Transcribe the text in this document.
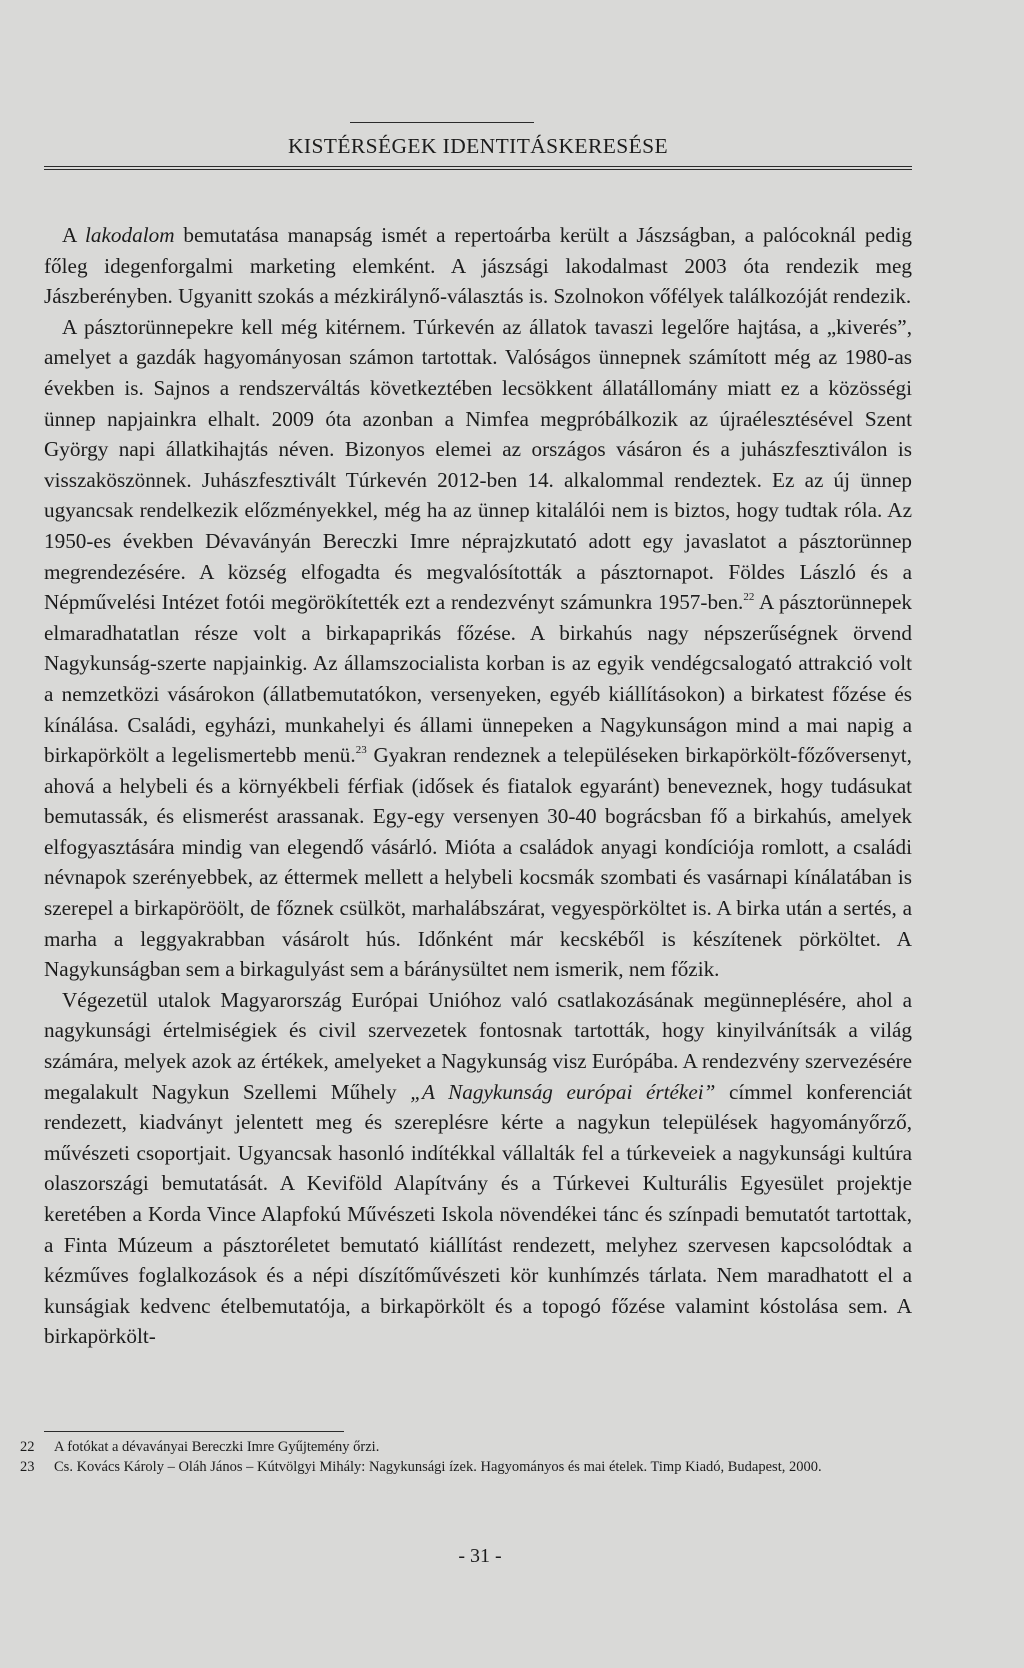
KISTÉRSÉGEK IDENTITÁSKERESÉSE

A lakodalom bemutatása manapság ismét a repertoárba került a Jászságban, a palócoknál pedig főleg idegenforgalmi marketing elemként. A jászsági lakodalmast 2003 óta rendezik meg Jászberényben. Ugyanitt szokás a mézkirálynő-választás is. Szolnokon vőfélyek találkozóját rendezik.

A pásztorünnepekre kell még kitérnem. Túrkevén az állatok tavaszi legelőre hajtása, a „kiverés”, amelyet a gazdák hagyományosan számon tartottak. Valóságos ünnepnek számított még az 1980-as években is. Sajnos a rendszerváltás következtében lecsökkent állatállomány miatt ez a közösségi ünnep napjainkra elhalt. 2009 óta azonban a Nimfea megpróbálkozik az újraélesztésével Szent György napi állatkihajtás néven. Bizonyos elemei az országos vásáron és a juhászfesztiválon is visszaköszönnek. Juhászfesztivált Túrkevén 2012-ben 14. alkalommal rendeztek. Ez az új ünnep ugyancsak rendelkezik előzményekkel, még ha az ünnep kitalálói nem is biztos, hogy tudtak róla. Az 1950-es években Dévaványán Bereczki Imre néprajzkutató adott egy javaslatot a pásztorünnep megrendezésére. A község elfogadta és megvalósították a pásztornapot. Földes László és a Népművelési Intézet fotói megörökítették ezt a rendezvényt számunkra 1957-ben.$^{22}$ A pásztorünnepek elmaradhatatlan része volt a birkapaprikás főzése. A birkahús nagy népszerűségnek örvend Nagykunság-szerte napjainkig. Az államszocialista korban is az egyik vendégcsalogató attrakció volt a nemzetközi vásárokon (állatbemutatókon, versenyeken, egyéb kiállításokon) a birkatest főzése és kínálása. Családi, egyházi, munkahelyi és állami ünnepeken a Nagykunságon mind a mai napig a birkapörkölt a legelismertebb menü.$^{23}$ Gyakran rendeznek a településeken birkapörkölt-főzőversenyt, ahová a helybeli és a környékbeli férfiak (idősek és fiatalok egyaránt) beneveznek, hogy tudásukat bemutassák, és elismerést arassanak. Egy-egy versenyen 30-40 bográcsban fő a birkahús, amelyek elfogyasztására mindig van elegendő vásárló. Mióta a családok anyagi kondíciója romlott, a családi névnapok szerényebbek, az éttermek mellett a helybeli kocsmák szombati és vasárnapi kínálatában is szerepel a birkapöröölt, de főznek csülköt, marhalábszárat, vegyespörköltet is. A birka után a sertés, a marha a leggyakrabban vásárolt hús. Időnként már kecskéből is készítenek pörköltet. A Nagykunságban sem a birkagulyást sem a báránysültet nem ismerik, nem főzik.

Végezetül utalok Magyarország Európai Unióhoz való csatlakozásának megünneplésére, ahol a nagykunsági értelmiségiek és civil szervezetek fontosnak tartották, hogy kinyilvánítsák a világ számára, melyek azok az értékek, amelyeket a Nagykunság visz Európába. A rendezvény szervezésére megalakult Nagykun Szellemi Műhely „A Nagykunság európai értékei” címmel konferenciát rendezett, kiadványt jelentett meg és szereplésre kérte a nagykun települések hagyományőrző, művészeti csoportjait. Ugyancsak hasonló indítékkal vállalták fel a túrkeveiek a nagykunsági kultúra olaszországi bemutatását. A Keviföld Alapítvány és a Túrkevei Kulturális Egyesület projektje keretében a Korda Vince Alapfokú Művészeti Iskola növendékei tánc és színpadi bemutatót tartottak, a Finta Múzeum a pásztoréletet bemutató kiállítást rendezett, melyhez szervesen kapcsolódtak a kézműves foglalkozások és a népi díszítőművészeti kör kunhímzés tárlata. Nem maradhatott el a kunságiak kedvenc ételbemutatója, a birkapörkölt és a topogó főzése valamint kóstolása sem. A birkapörkölt-

22	A fotókat a dévaványai Bereczki Imre Gyűjtemény őrzi.
23	Cs. Kovács Károly – Oláh János – Kútvölgyi Mihály: Nagykunsági ízek. Hagyományos és mai ételek. Timp Kiadó, Budapest, 2000.
- 31 -
